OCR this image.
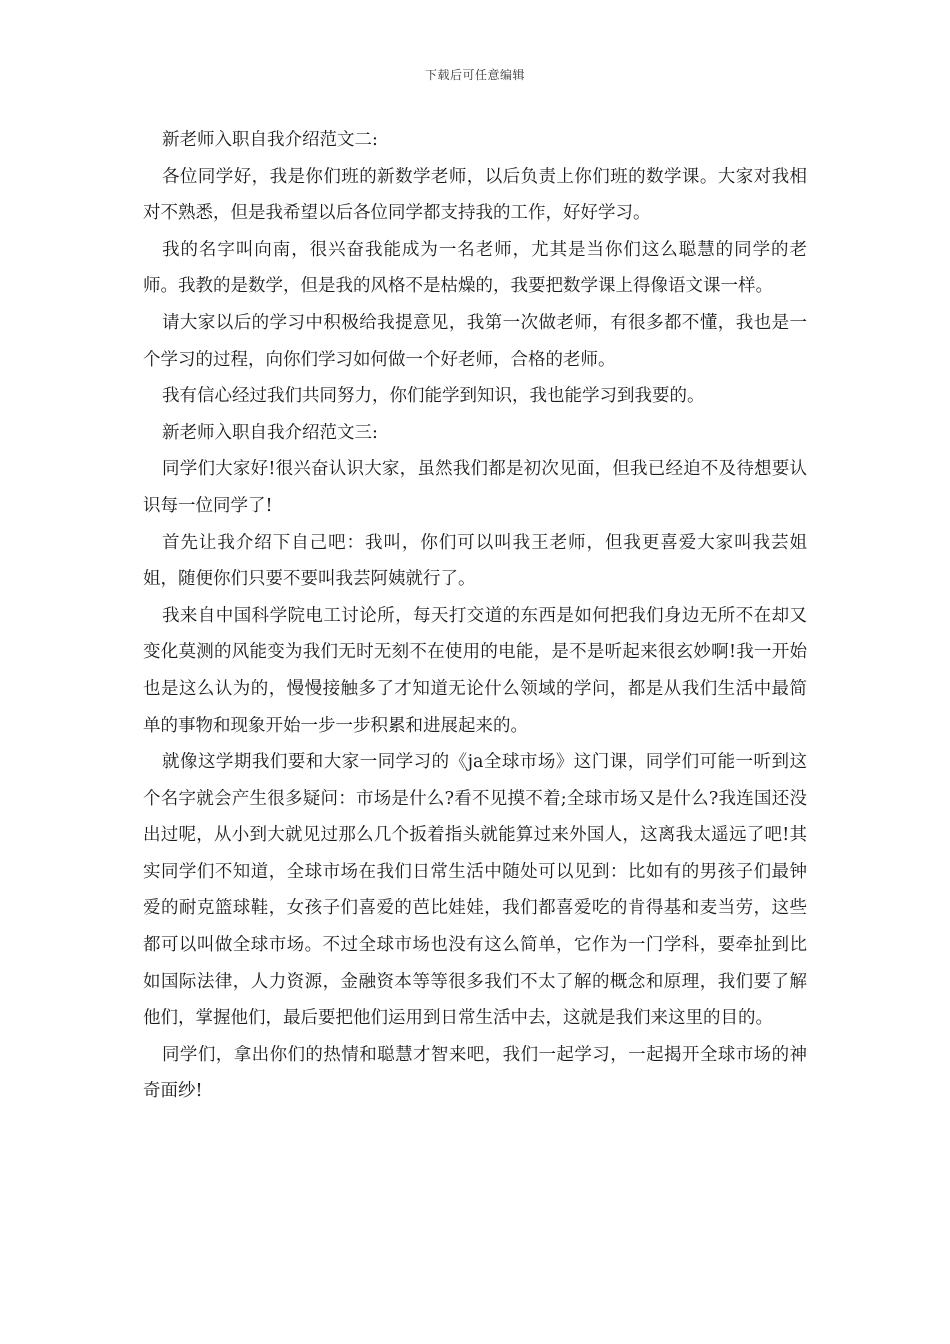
下载后可任意编辑

新老师入职自我介绍范文二:

各位同学好，我是你们班的新数学老师，以后负责上你们班的数学课。大家对我相对不熟悉，但是我希望以后各位同学都支持我的工作，好好学习。

我的名字叫向南，很兴奋我能成为一名老师，尤其是当你们这么聪慧的同学的老师。我教的是数学，但是我的风格不是枯燥的，我要把数学课上得像语文课一样。

请大家以后的学习中积极给我提意见，我第一次做老师，有很多都不懂，我也是一个学习的过程，向你们学习如何做一个好老师，合格的老师。

我有信心经过我们共同努力，你们能学到知识，我也能学习到我要的。

新老师入职自我介绍范文三:

同学们大家好!很兴奋认识大家，虽然我们都是初次见面，但我已经迫不及待想要认识每一位同学了!

首先让我介绍下自己吧：我叫，你们可以叫我王老师，但我更喜爱大家叫我芸姐姐，随便你们只要不要叫我芸阿姨就行了。

我来自中国科学院电工讨论所，每天打交道的东西是如何把我们身边无所不在却又变化莫测的风能变为我们无时无刻不在使用的电能，是不是听起来很玄妙啊!我一开始也是这么认为的，慢慢接触多了才知道无论什么领域的学问，都是从我们生活中最简单的事物和现象开始一步一步积累和进展起来的。

就像这学期我们要和大家一同学习的《ja全球市场》这门课，同学们可能一听到这个名字就会产生很多疑问：市场是什么?看不见摸不着;全球市场又是什么?我连国还没出过呢，从小到大就见过那么几个扳着指头就能算过来外国人，这离我太遥远了吧!其实同学们不知道，全球市场在我们日常生活中随处可以见到：比如有的男孩子们最钟爱的耐克篮球鞋，女孩子们喜爱的芭比娃娃，我们都喜爱吃的肯得基和麦当劳，这些都可以叫做全球市场。不过全球市场也没有这么简单，它作为一门学科，要牵扯到比如国际法律，人力资源，金融资本等等很多我们不太了解的概念和原理，我们要了解他们，掌握他们，最后要把他们运用到日常生活中去，这就是我们来这里的目的。

同学们，拿出你们的热情和聪慧才智来吧，我们一起学习，一起揭开全球市场的神奇面纱!
